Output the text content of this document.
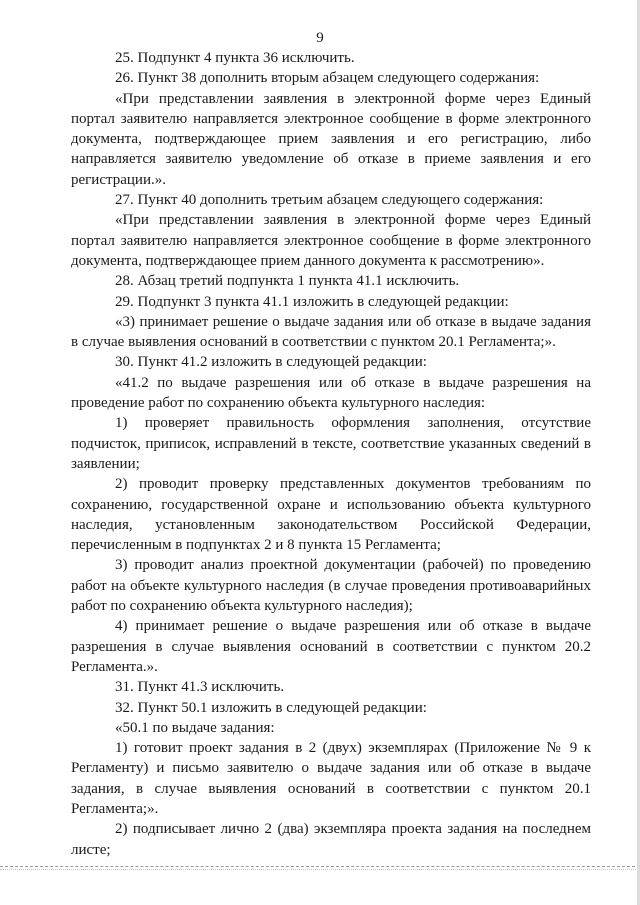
9

25. Подпункт 4 пункта 36 исключить.

26. Пункт 38 дополнить вторым абзацем следующего содержания:

«При представлении заявления в электронной форме через Единый портал заявителю направляется электронное сообщение в форме электронного документа, подтверждающее прием заявления и его регистрацию, либо направляется заявителю уведомление об отказе в приеме заявления и его регистрации.».

27. Пункт 40 дополнить третьим абзацем следующего содержания:

«При представлении заявления в электронной форме через Единый портал заявителю направляется электронное сообщение в форме электронного документа, подтверждающее прием данного документа к рассмотрению».

28. Абзац третий подпункта 1 пункта 41.1 исключить.

29. Подпункт 3 пункта 41.1 изложить в следующей редакции:

«3) принимает решение о выдаче задания или об отказе в выдаче задания в случае выявления оснований в соответствии с пунктом 20.1 Регламента;».

30. Пункт 41.2 изложить в следующей редакции:

«41.2 по выдаче разрешения или об отказе в выдаче разрешения на проведение работ по сохранению объекта культурного наследия:

1) проверяет правильность оформления заполнения, отсутствие подчисток, приписок, исправлений в тексте, соответствие указанных сведений в заявлении;

2) проводит проверку представленных документов требованиям по сохранению, государственной охране и использованию объекта культурного наследия, установленным законодательством Российской Федерации, перечисленным в подпунктах 2 и 8 пункта 15 Регламента;

3) проводит анализ проектной документации (рабочей) по проведению работ на объекте культурного наследия (в случае проведения противоаварийных работ по сохранению объекта культурного наследия);

4) принимает решение о выдаче разрешения или об отказе в выдаче разрешения в случае выявления оснований в соответствии с пунктом 20.2 Регламента.».

31. Пункт 41.3 исключить.

32. Пункт 50.1 изложить в следующей редакции:

«50.1 по выдаче задания:

1) готовит проект задания в 2 (двух) экземплярах (Приложение № 9 к Регламенту) и письмо заявителю о выдаче задания или об отказе в выдаче задания, в случае выявления оснований в соответствии с пунктом 20.1 Регламента;».

2) подписывает лично 2 (два) экземпляра проекта задания на последнем листе;
